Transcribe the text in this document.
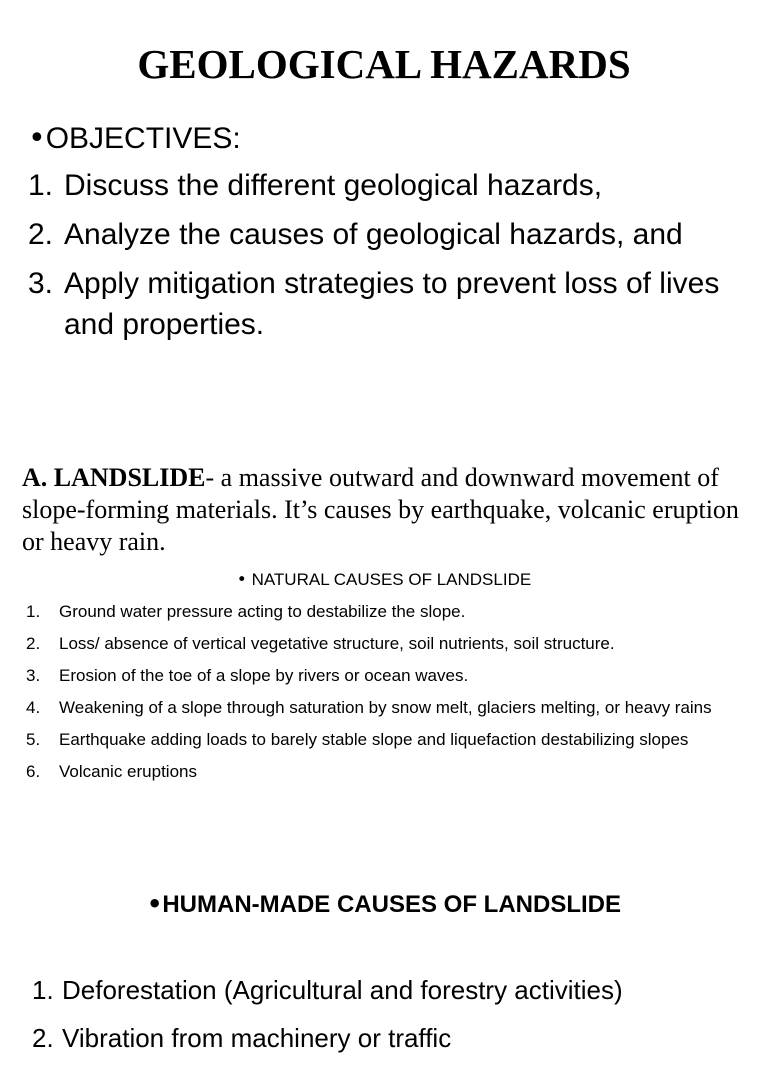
GEOLOGICAL HAZARDS

•OBJECTIVES:

1. Discuss the different geological hazards,
2. Analyze the causes of geological hazards, and
3. Apply mitigation strategies to prevent loss of lives and properties.

A. LANDSLIDE- a massive outward and downward movement of slope-forming materials. It’s causes by earthquake, volcanic eruption or heavy rain.

• NATURAL CAUSES OF LANDSLIDE

1.	Ground water pressure acting to destabilize the slope.
2.	Loss/ absence of vertical vegetative structure, soil nutrients, soil structure.
3.	Erosion of the toe of a slope by rivers or ocean waves.
4.	Weakening of a slope through saturation by snow melt, glaciers melting, or heavy rains
5.	Earthquake adding loads to barely stable slope and liquefaction destabilizing slopes
6.	Volcanic eruptions

•HUMAN-MADE CAUSES OF LANDSLIDE

1. Deforestation (Agricultural and forestry activities)
2. Vibration from machinery or traffic
